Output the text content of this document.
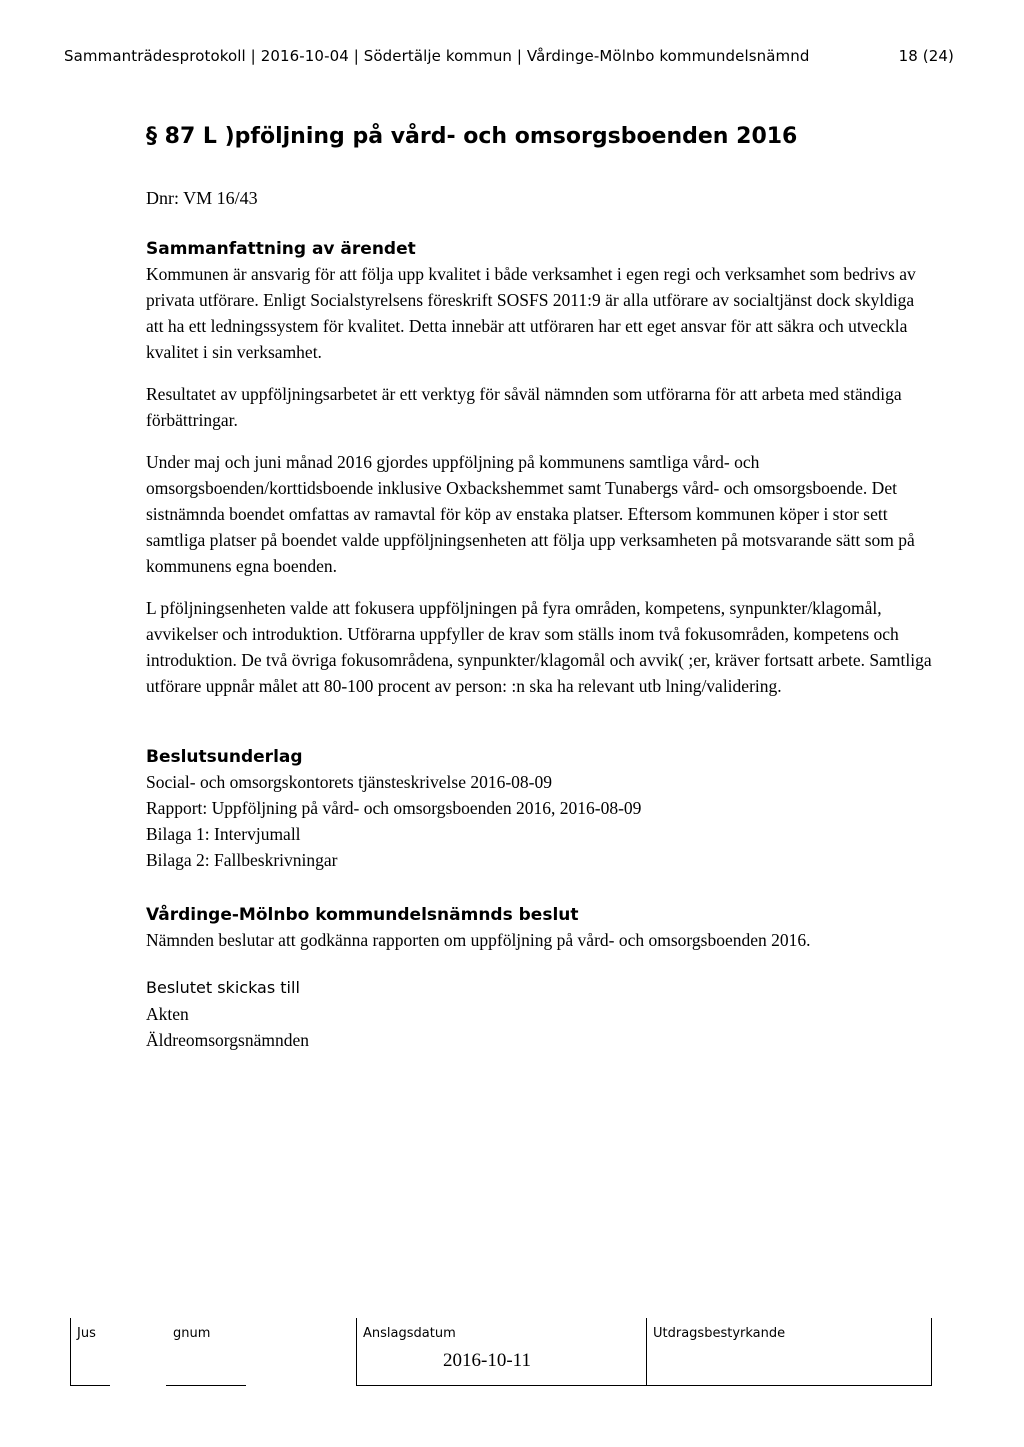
Sammanträdesprotokoll | 2016-10-04 | Södertälje kommun | Vårdinge-Mölnbo kommundelsnämnd	18 (24)
§ 87 L )pföljning på vård- och omsorgsboenden 2016
Dnr: VM 16/43
Sammanfattning av ärendet

Kommunen är ansvarig för att följa upp kvalitet i både verksamhet i egen regi och verksamhet som bedrivs av privata utförare. Enligt Socialstyrelsens föreskrift SOSFS 2011:9 är alla utförare av socialtjänst dock skyldiga att ha ett ledningssystem för kvalitet. Detta innebär att utföraren har ett eget ansvar för att säkra och utveckla kvalitet i sin verksamhet.

Resultatet av uppföljningsarbetet är ett verktyg för såväl nämnden som utförarna för att arbeta med ständiga förbättringar.

Under maj och juni månad 2016 gjordes uppföljning på kommunens samtliga vård- och omsorgsboenden/korttidsboende inklusive Oxbackshemmet samt Tunabergs vård- och omsorgsboende. Det sistnämnda boendet omfattas av ramavtal för köp av enstaka platser. Eftersom kommunen köper i stor sett samtliga platser på boendet valde uppföljningsenheten att följa upp verksamheten på motsvarande sätt som på kommunens egna boenden.

L pföljningsenheten valde att fokusera uppföljningen på fyra områden, kompetens, synpunkter/klagomål, avvikelser och introduktion. Utförarna uppfyller de krav som ställs inom två fokusområden, kompetens och introduktion. De två övriga fokusområdena, synpunkter/klagomål och avvik( ;er, kräver fortsatt arbete. Samtliga utförare uppnår målet att 80-100 procent av person: :n ska ha relevant utb lning/validering.

Beslutsunderlag
Social- och omsorgskontorets tjänsteskrivelse 2016-08-09
Rapport: Uppföljning på vård- och omsorgsboenden 2016, 2016-08-09
Bilaga 1: Intervjumall
Bilaga 2: Fallbeskrivningar
Vårdinge-Mölnbo kommundelsnämnds beslut
Nämnden beslutar att godkänna rapporten om uppföljning på vård- och omsorgsboenden 2016.
Beslutet skickas till
Akten
Äldreomsorgsnämnden
Jus	gnum	Anslagsdatum
2016-10-11
Utdragsbestyrkande
